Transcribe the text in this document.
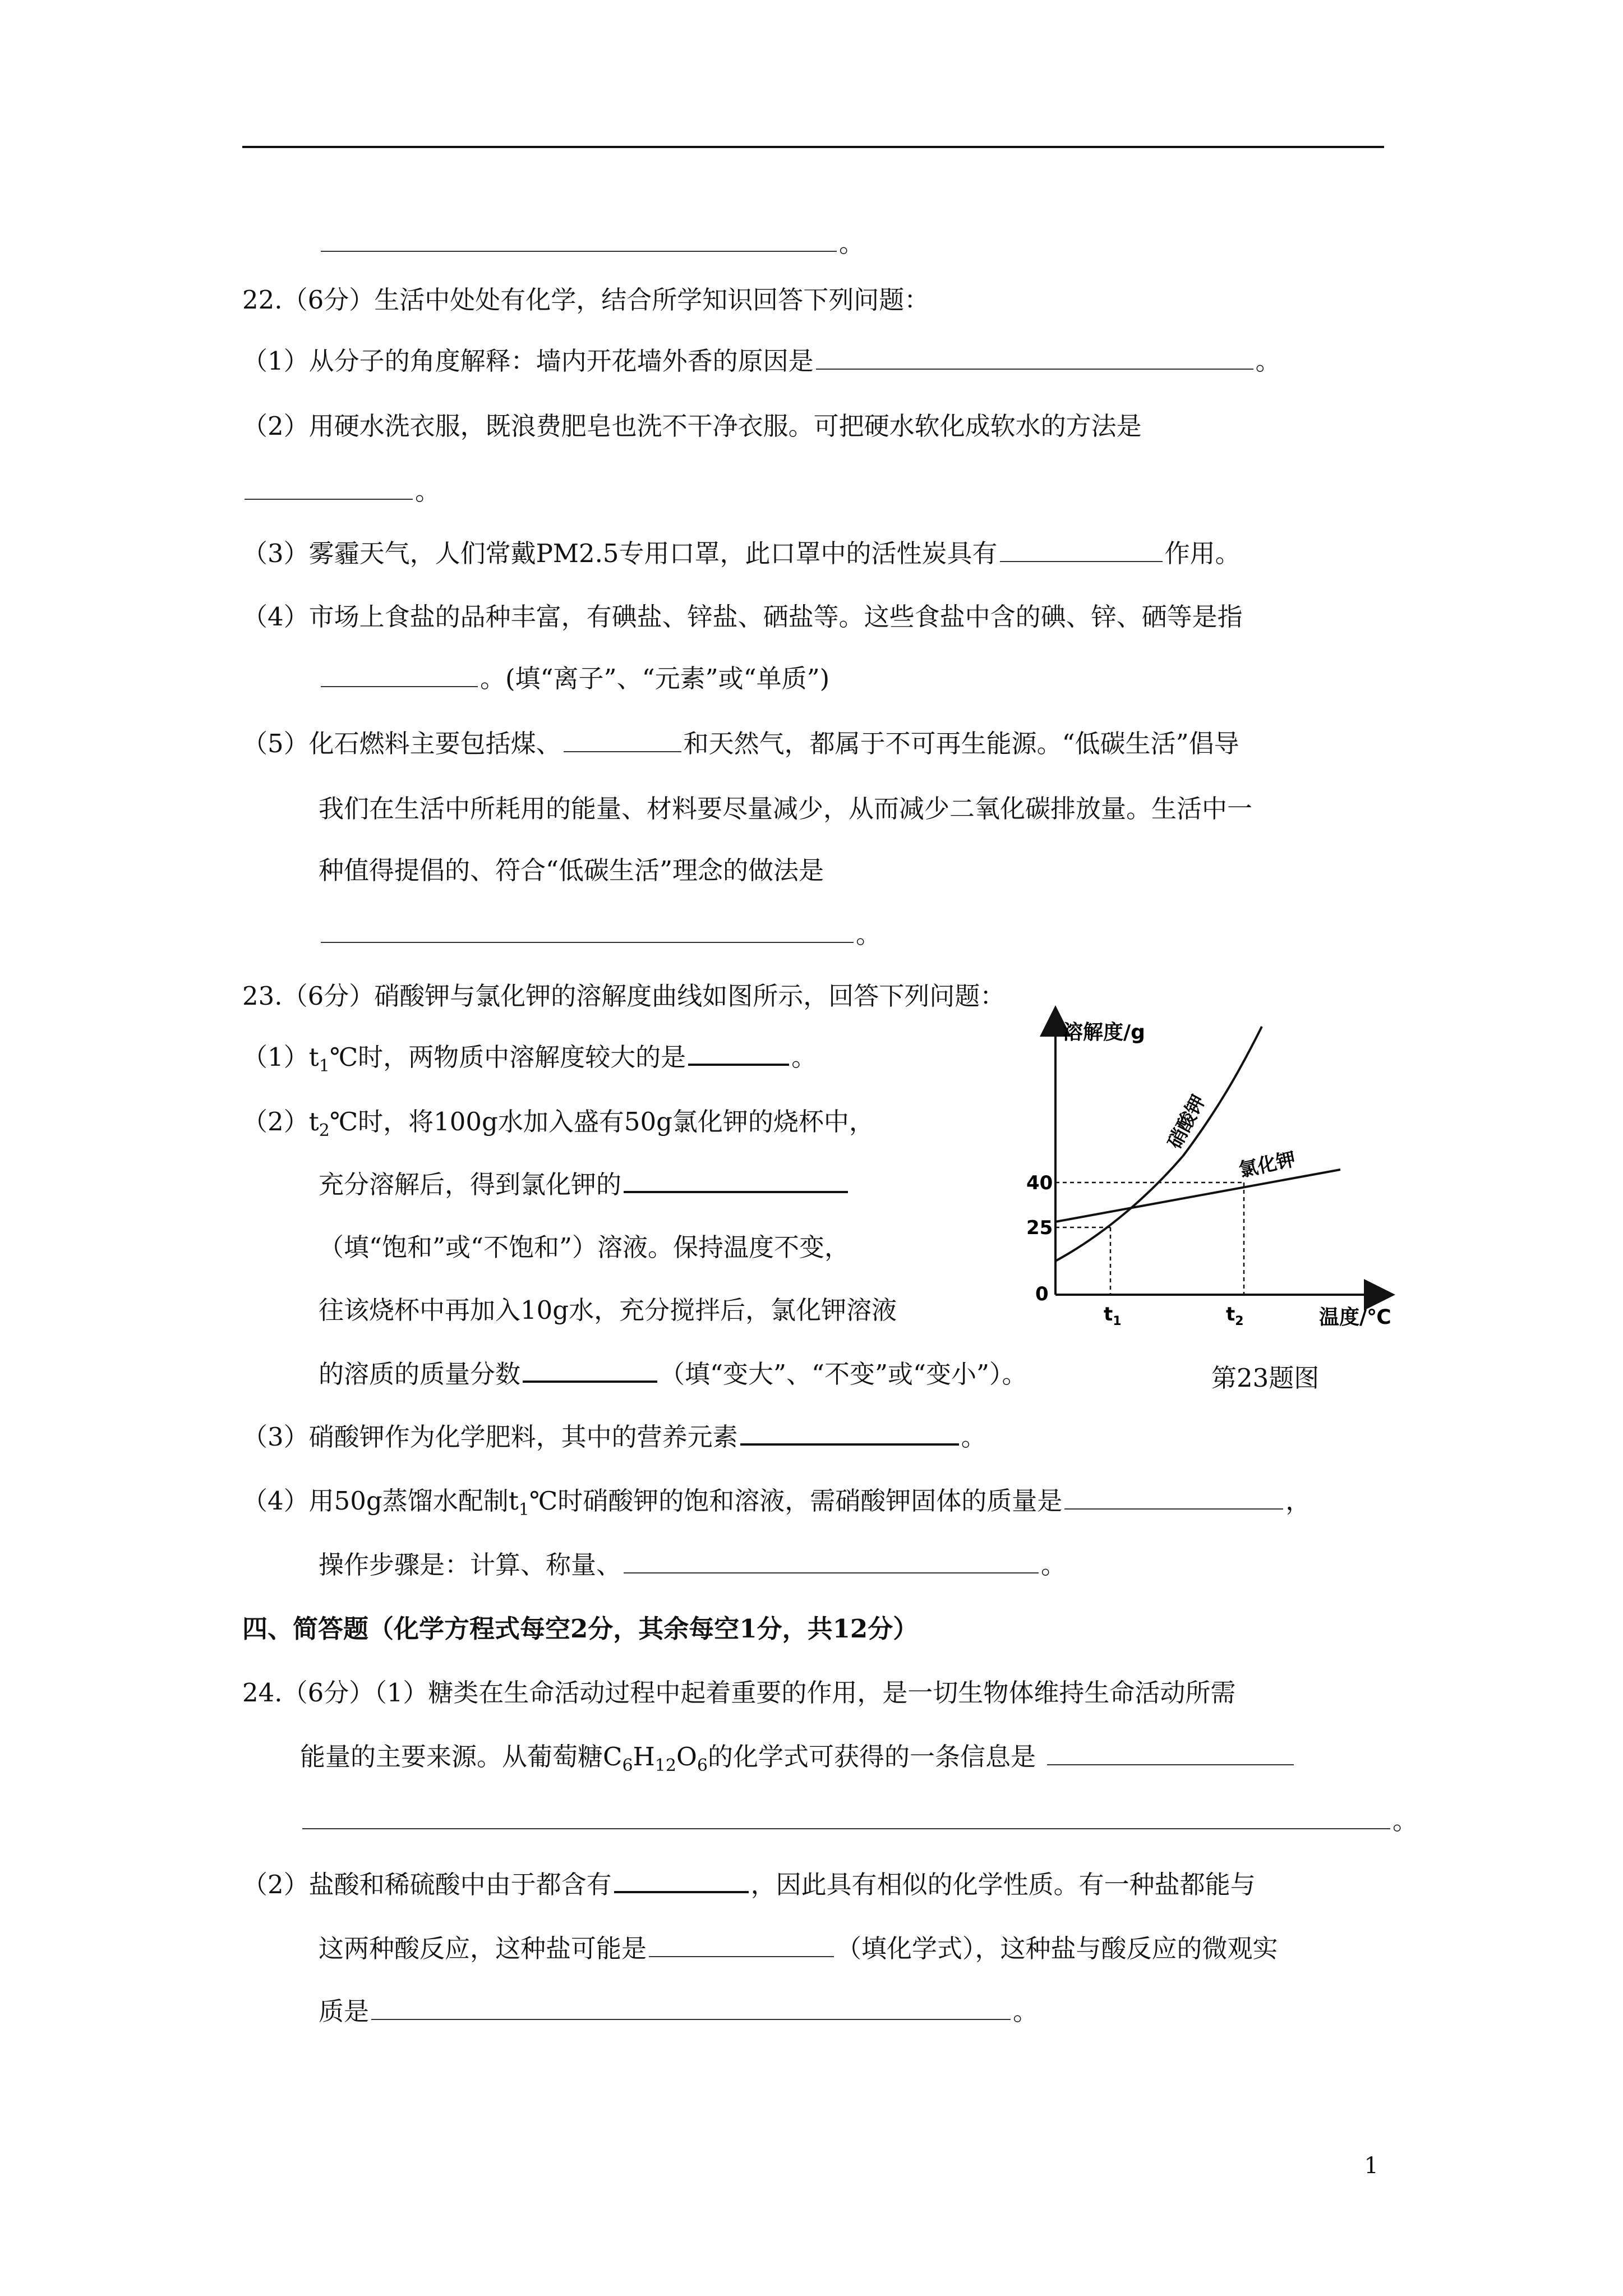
。
22.（6分）生活中处处有化学，结合所学知识回答下列问题：
（1）从分子的角度解释：墙内开花墙外香的原因是	。
（2）用硬水洗衣服，既浪费肥皂也洗不干净衣服。可把硬水软化成软水的方法是
。
（3）雾霾天气，人们常戴PM2.5专用口罩，此口罩中的活性炭具有	作用。
（4）市场上食盐的品种丰富，有碘盐、锌盐、硒盐等。这些食盐中含的碘、锌、硒等是指
。(填“离子”、“元素”或“单质”)
（5）化石燃料主要包括煤、	和天然气，都属于不可再生能源。“低碳生活”倡导
我们在生活中所耗用的能量、材料要尽量减少，从而减少二氧化碳排放量。生活中一
种值得提倡的、符合“低碳生活”理念的做法是
。
23.（6分）硝酸钾与氯化钾的溶解度曲线如图所示，回答下列问题：
$(1)t_1℃$时，两物质中溶解度较大的是	。
$(2)t_2℃$时，将100g水加入盛有50g氯化钾的烧杯中，
充分溶解后，得到氯化钾的
（填“饱和”或“不饱和”）溶液。保持温度不变，
往该烧杯中再加入10g水，充分搅拌后，氯化钾溶液
的溶质的质量分数	（填“变大”、“不变”或“变小”）。
（3）硝酸钾作为化学肥料，其中的营养元素	。
（4）用50g蒸馏水配制$t_1℃$时硝酸钾的饱和溶液，需硝酸钾固体的质量是	，
操作步骤是：计算、称量、	。
溶解度/g
温度/℃
0
40
25
$t_1$	$t_2$
硝酸钾
氯化钾
第23题图
四、简答题（化学方程式每空2分，其余每空1分，共12分）
24.（6分）（1）糖类在生命活动过程中起着重要的作用，是一切生物体维持生命活动所需
能量的主要来源。从葡萄糖$C_6H_{12}O_6$的化学式可获得的一条信息是
。
（2）盐酸和稀硫酸中由于都含有	，因此具有相似的化学性质。有一种盐都能与
这两种酸反应，这种盐可能是	（填化学式），这种盐与酸反应的微观实
质是	。
1
